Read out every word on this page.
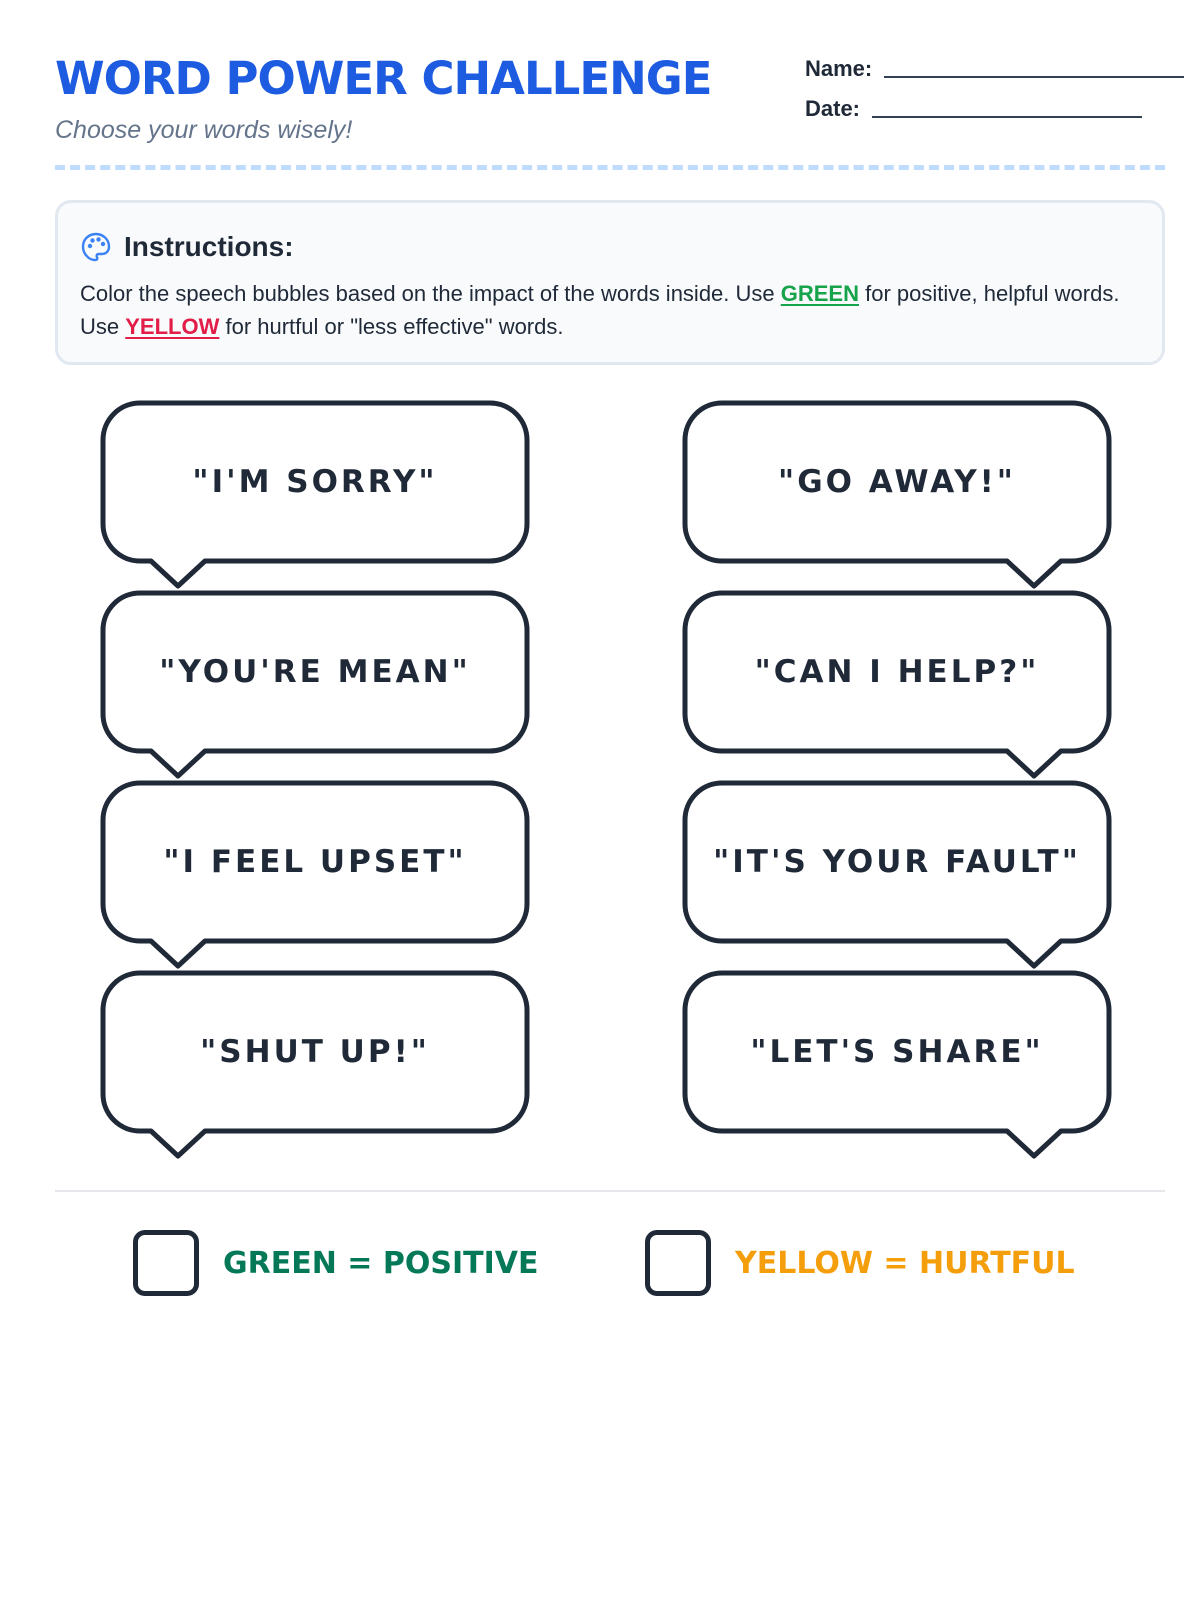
WORD POWER CHALLENGE
Choose your words wisely!
Name:
Date:
Instructions:
Color the speech bubbles based on the impact of the words inside. Use GREEN for positive, helpful words. Use YELLOW for hurtful or "less effective" words.
"I'M SORRY"	"GO AWAY!"
"YOU'RE MEAN"	"CAN I HELP?"
"I FEEL UPSET"	"IT'S YOUR FAULT"
"SHUT UP!"	"LET'S SHARE"
GREEN = POSITIVE	YELLOW = HURTFUL
